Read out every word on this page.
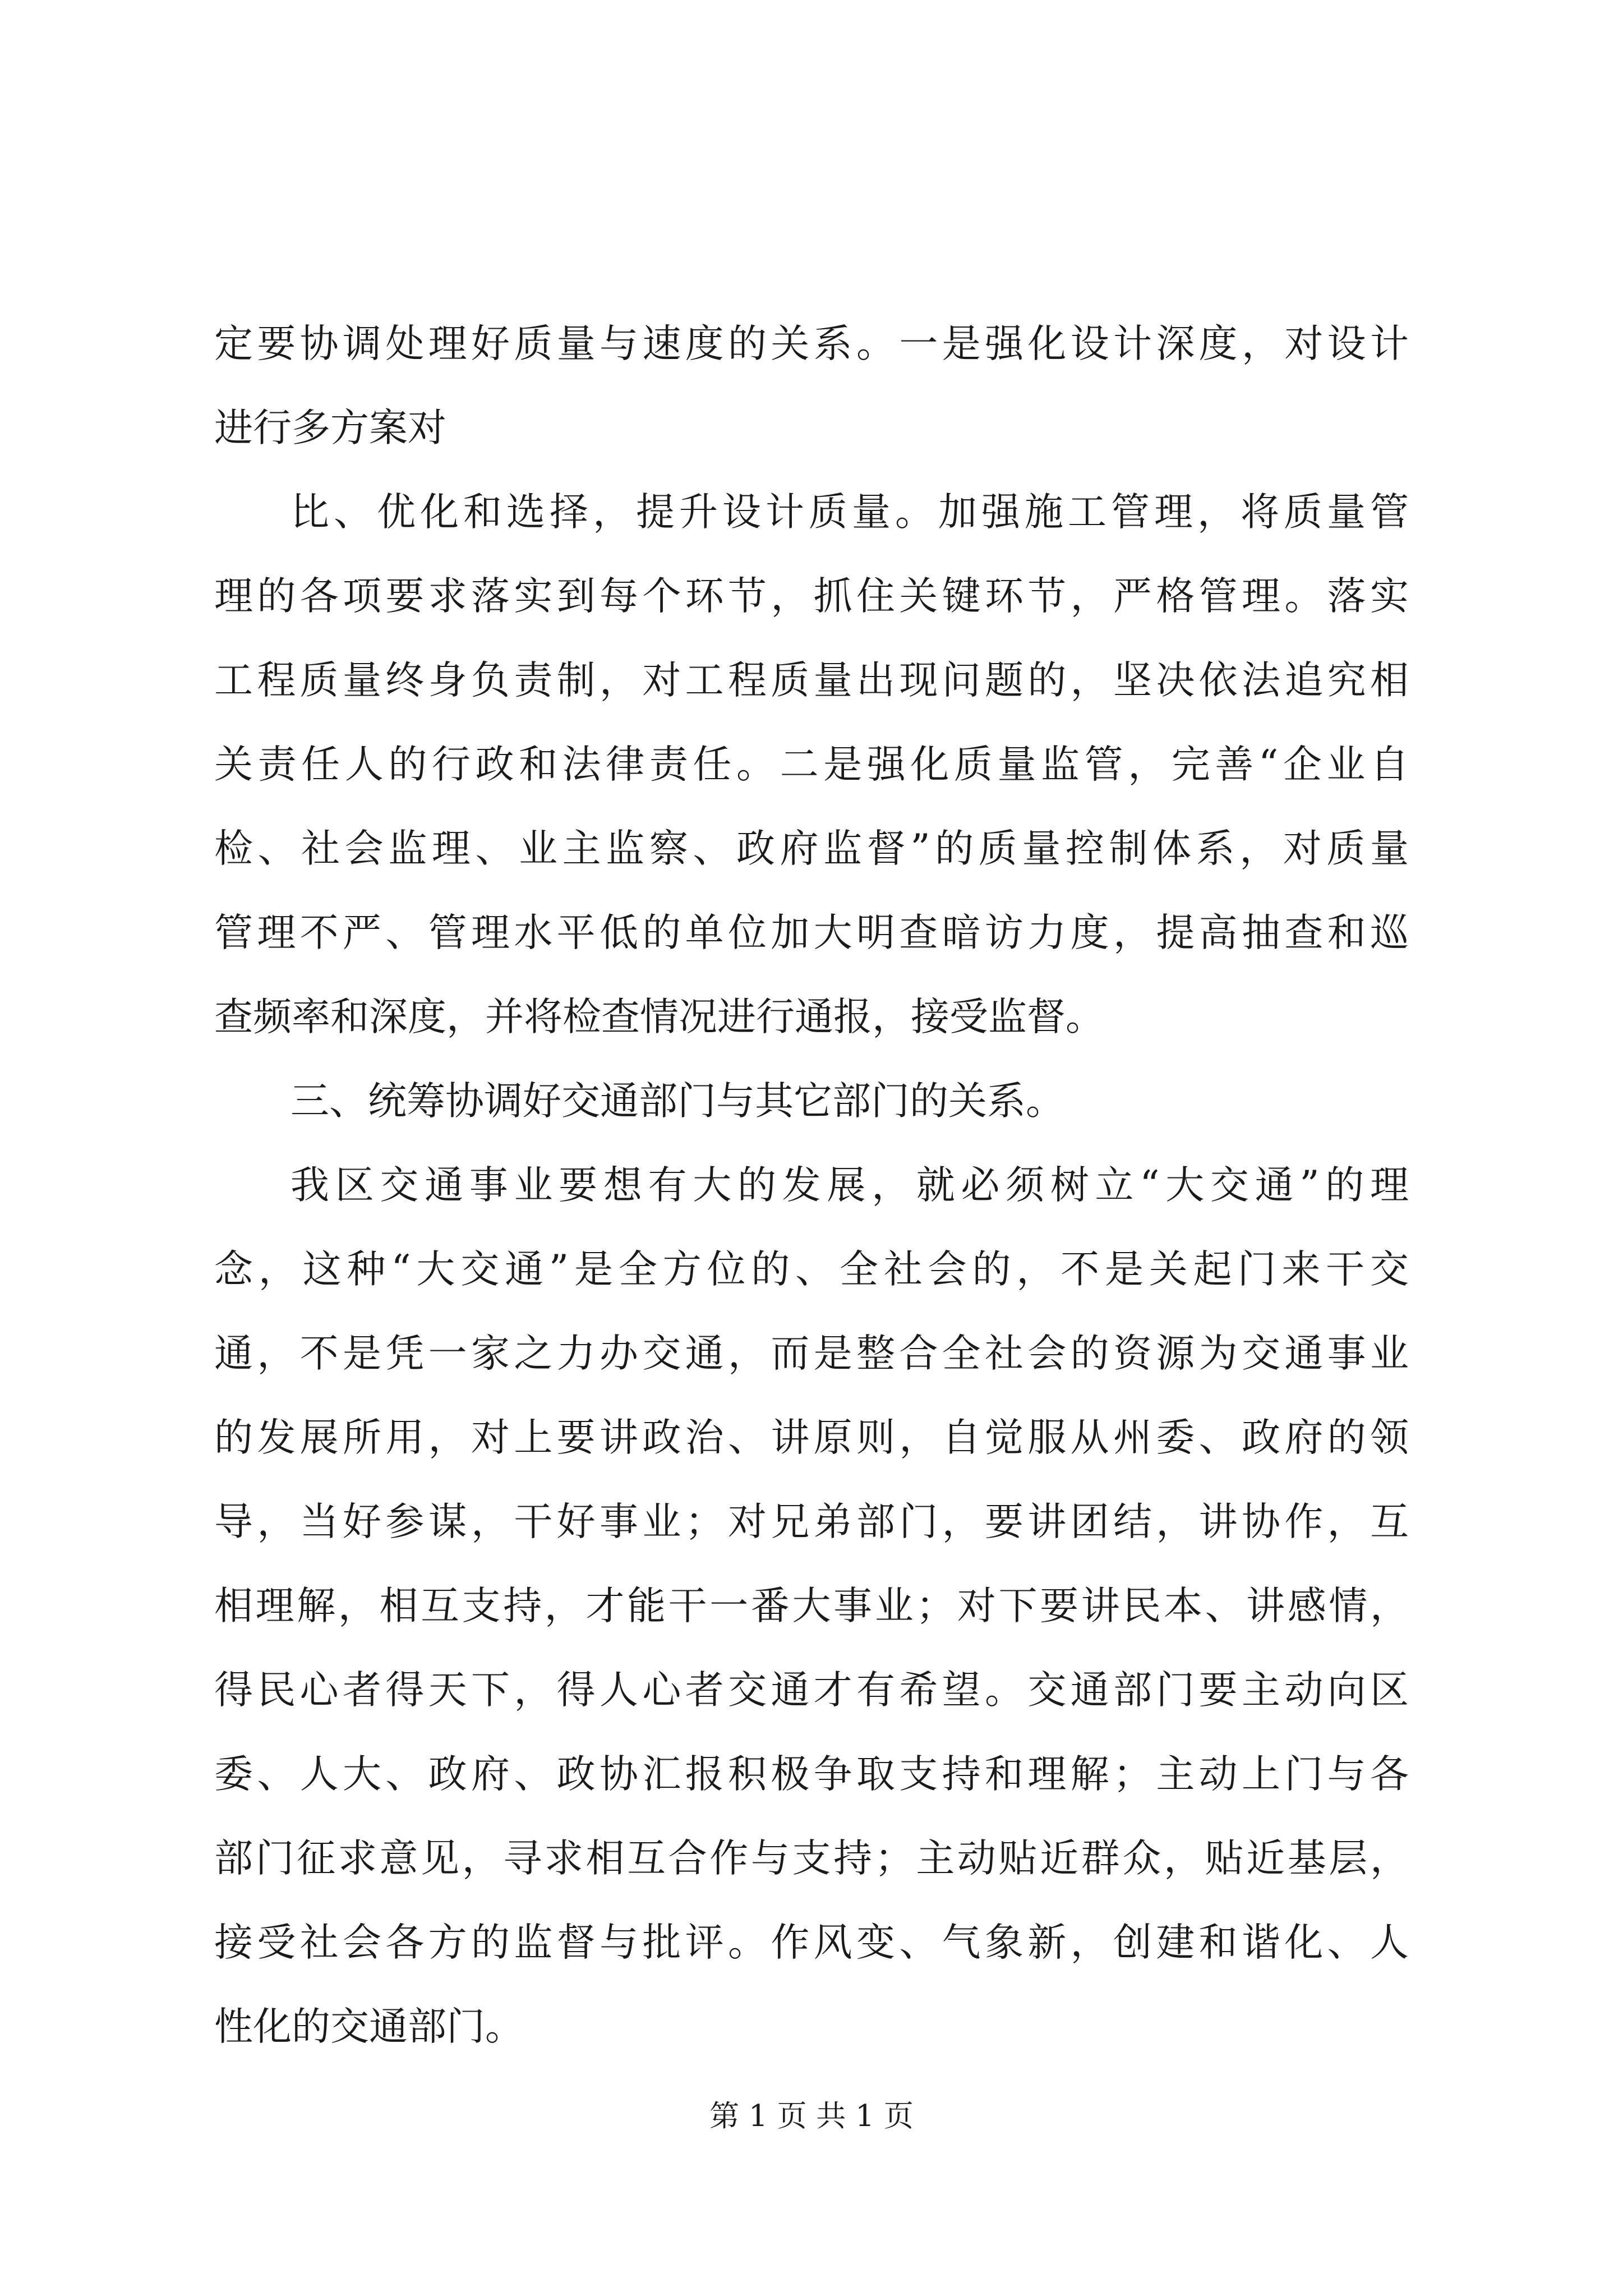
定要协调处理好质量与速度的关系。一是强化设计深度，对设计
进行多方案对
比、优化和选择，提升设计质量。加强施工管理，将质量管
理的各项要求落实到每个环节，抓住关键环节，严格管理。落实
工程质量终身负责制，对工程质量出现问题的，坚决依法追究相
关责任人的行政和法律责任。二是强化质量监管，完善“企业自
检、社会监理、业主监察、政府监督”的质量控制体系，对质量
管理不严、管理水平低的单位加大明查暗访力度，提高抽查和巡
查频率和深度，并将检查情况进行通报，接受监督。
三、统筹协调好交通部门与其它部门的关系。
我区交通事业要想有大的发展，就必须树立“大交通”的理
念，这种“大交通”是全方位的、全社会的，不是关起门来干交
通，不是凭一家之力办交通，而是整合全社会的资源为交通事业
的发展所用，对上要讲政治、讲原则，自觉服从州委、政府的领
导，当好参谋，干好事业；对兄弟部门，要讲团结，讲协作，互
相理解，相互支持，才能干一番大事业；对下要讲民本、讲感情，
得民心者得天下，得人心者交通才有希望。交通部门要主动向区
委、人大、政府、政协汇报积极争取支持和理解；主动上门与各
部门征求意见，寻求相互合作与支持；主动贴近群众，贴近基层，
接受社会各方的监督与批评。作风变、气象新，创建和谐化、人
性化的交通部门。
第 1 页 共 1 页
